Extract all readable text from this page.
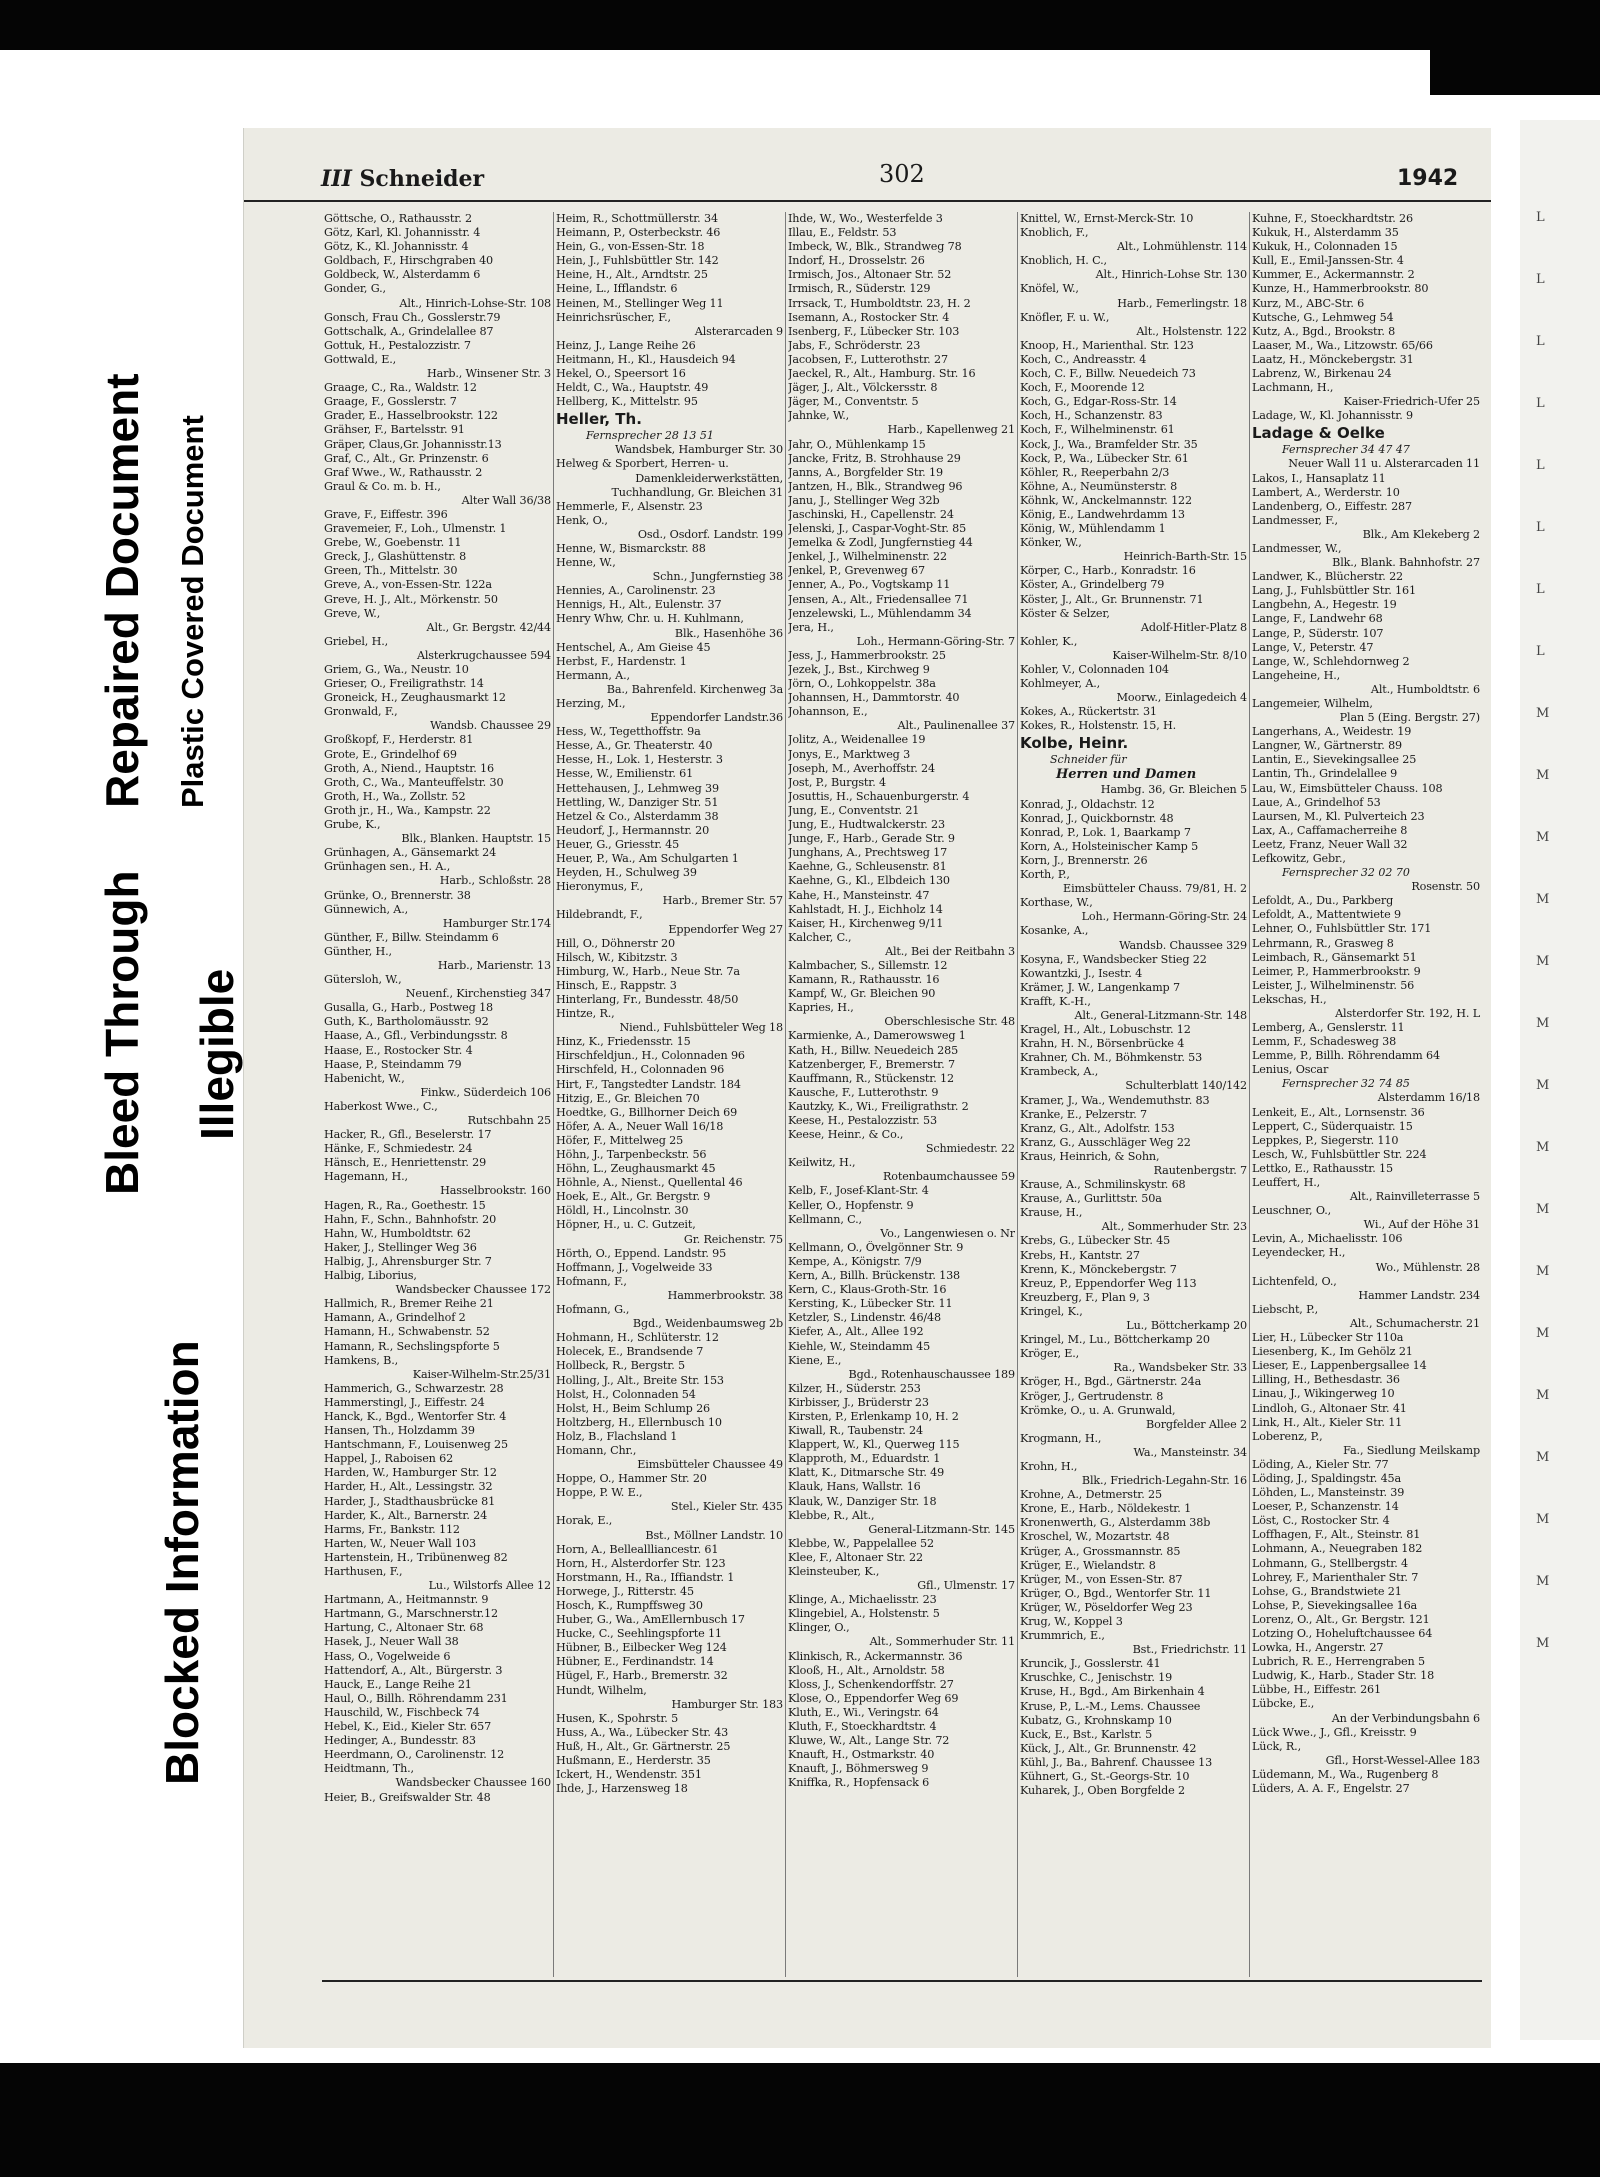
Bleed Through
Repaired Document Plastic Covered Document
Illegible
Blocked Information
L
L
L
L
L
L
L
L
M
M
M
M
M
M
M
M
M
M
M
M
M
M
M
M
III Schneider	302	1942
Göttsche, O., Rathausstr. 2
Götz, Karl, Kl. Johannisstr. 4
Götz, K., Kl. Johannisstr. 4
Goldbach, F., Hirschgraben 40
Goldbeck, W., Alsterdamm 6
Gonder, G.,
Alt., Hinrich-Lohse-Str. 108
Gonsch, Frau Ch., Gosslerstr.79
Gottschalk, A., Grindelallee 87
Gottuk, H., Pestalozzistr. 7
Gottwald, E.,
Harb., Winsener Str. 3
Graage, C., Ra., Waldstr. 12
Graage, F., Gosslerstr. 7
Grader, E., Hasselbrookstr. 122
Grähser, F., Bartelsstr. 91
Gräper, Claus,Gr. Johannisstr.13
Graf, C., Alt., Gr. Prinzenstr. 6
Graf Wwe., W., Rathausstr. 2
Graul & Co. m. b. H.,
Alter Wall 36/38
Grave, F., Eiffestr. 396
Gravemeier, F., Loh., Ulmenstr. 1
Grebe, W., Goebenstr. 11
Greck, J., Glashüttenstr. 8
Green, Th., Mittelstr. 30
Greve, A., von-Essen-Str. 122a
Greve, H. J., Alt., Mörkenstr. 50
Greve, W.,
Alt., Gr. Bergstr. 42/44
Griebel, H.,
Alsterkrugchaussee 594
Griem, G., Wa., Neustr. 10
Grieser, O., Freiligrathstr. 14
Groneick, H., Zeughausmarkt 12
Gronwald, F.,
Wandsb. Chaussee 29
Großkopf, F., Herderstr. 81
Grote, E., Grindelhof 69
Groth, A., Niend., Hauptstr. 16
Groth, C., Wa., Manteuffelstr. 30
Groth, H., Wa., Zollstr. 52
Groth jr., H., Wa., Kampstr. 22
Grube, K.,
Blk., Blanken. Hauptstr. 15
Grünhagen, A., Gänsemarkt 24
Grünhagen sen., H. A.,
Harb., Schloßstr. 28
Grünke, O., Brennerstr. 38
Günnewich, A.,
Hamburger Str.174
Günther, F., Billw. Steindamm 6
Günther, H.,
Harb., Marienstr. 13
Gütersloh, W.,
Neuenf., Kirchenstieg 347
Gusalla, G., Harb., Postweg 18
Guth, K., Bartholomäusstr. 92
Haase, A., Gfl., Verbindungsstr. 8
Haase, E., Rostocker Str. 4
Haase, P., Steindamm 79
Habenicht, W.,
Finkw., Süderdeich 106
Haberkost Wwe., C.,
Rutschbahn 25
Hacker, R., Gfl., Beselerstr. 17
Hänke, F., Schmiedestr. 24
Hänsch, E., Henriettenstr. 29
Hagemann, H.,
Hasselbrookstr. 160
Hagen, R., Ra., Goethestr. 15
Hahn, F., Schn., Bahnhofstr. 20
Hahn, W., Humboldtstr. 62
Haker, J., Stellinger Weg 36
Halbig, J., Ahrensburger Str. 7
Halbig, Liborius,
Wandsbecker Chaussee 172
Hallmich, R., Bremer Reihe 21
Hamann, A., Grindelhof 2
Hamann, H., Schwabenstr. 52
Hamann, R., Sechslingspforte 5
Hamkens, B.,
Kaiser-Wilhelm-Str.25/31
Hammerich, G., Schwarzestr. 28
Hammerstingl, J., Eiffestr. 24
Hanck, K., Bgd., Wentorfer Str. 4
Hansen, Th., Holzdamm 39
Hantschmann, F., Louisenweg 25
Happel, J., Raboisen 62
Harden, W., Hamburger Str. 12
Harder, H., Alt., Lessingstr. 32
Harder, J., Stadthausbrücke 81
Harder, K., Alt., Barnerstr. 24
Harms, Fr., Bankstr. 112
Harten, W., Neuer Wall 103
Hartenstein, H., Tribünenweg 82
Harthusen, F.,
Lu., Wilstorfs Allee 12
Hartmann, A., Heitmannstr. 9
Hartmann, G., Marschnerstr.12
Hartung, C., Altonaer Str. 68
Hasek, J., Neuer Wall 38
Hass, O., Vogelweide 6
Hattendorf, A., Alt., Bürgerstr. 3
Hauck, E., Lange Reihe 21
Haul, O., Billh. Röhrendamm 231
Hauschild, W., Fischbeck 74
Hebel, K., Eid., Kieler Str. 657
Hedinger, A., Bundesstr. 83
Heerdmann, O., Carolinenstr. 12
Heidtmann, Th.,
Wandsbecker Chaussee 160
Heier, B., Greifswalder Str. 48
Heim, R., Schottmüllerstr. 34
Heimann, P., Osterbeckstr. 46
Hein, G., von-Essen-Str. 18
Hein, J., Fuhlsbüttler Str. 142
Heine, H., Alt., Arndtstr. 25
Heine, L., Ifflandstr. 6
Heinen, M., Stellinger Weg 11
Heinrichsrüscher, F.,
Alsterarcaden 9
Heinz, J., Lange Reihe 26
Heitmann, H., Kl., Hausdeich 94
Hekel, O., Speersort 16
Heldt, C., Wa., Hauptstr. 49
Hellberg, K., Mittelstr. 95
Heller, Th.
Fernsprecher 28 13 51
Wandsbek, Hamburger Str. 30
Helweg & Sporbert, Herren- u.
Damenkleiderwerkstätten,
Tuchhandlung, Gr. Bleichen 31
Hemmerle, F., Alsenstr. 23
Henk, O.,
Osd., Osdorf. Landstr. 199
Henne, W., Bismarckstr. 88
Henne, W.,
Schn., Jungfernstieg 38
Hennies, A., Carolinenstr. 23
Hennigs, H., Alt., Eulenstr. 37
Henry Whw, Chr. u. H. Kuhlmann,
Blk., Hasenhöhe 36
Hentschel, A., Am Gieise 45
Herbst, F., Hardenstr. 1
Hermann, A.,
Ba., Bahrenfeld. Kirchenweg 3a
Herzing, M.,
Eppendorfer Landstr.36
Hess, W., Tegetthoffstr. 9a
Hesse, A., Gr. Theaterstr. 40
Hesse, H., Lok. 1, Hesterstr. 3
Hesse, W., Emilienstr. 61
Hettehausen, J., Lehmweg 39
Hettling, W., Danziger Str. 51
Hetzel & Co., Alsterdamm 38
Heudorf, J., Hermannstr. 20
Heuer, G., Griesstr. 45
Heuer, P., Wa., Am Schulgarten 1
Heyden, H., Schulweg 39
Hieronymus, F.,
Harb., Bremer Str. 57
Hildebrandt, F.,
Eppendorfer Weg 27
Hill, O., Döhnerstr 20
Hilsch, W., Kibitzstr. 3
Himburg, W., Harb., Neue Str. 7a
Hinsch, E., Rappstr. 3
Hinterlang, Fr., Bundesstr. 48/50
Hintze, R.,
Niend., Fuhlsbütteler Weg 18
Hinz, K., Friedensstr. 15
Hirschfeldjun., H., Colonnaden 96
Hirschfeld, H., Colonnaden 96
Hirt, F., Tangstedter Landstr. 184
Hitzig, E., Gr. Bleichen 70
Hoedtke, G., Billhorner Deich 69
Höfer, A. A., Neuer Wall 16/18
Höfer, F., Mittelweg 25
Höhn, J., Tarpenbeckstr. 56
Höhn, L., Zeughausmarkt 45
Höhnle, A., Nienst., Quellental 46
Hoek, E., Alt., Gr. Bergstr. 9
Höldl, H., Lincolnstr. 30
Höpner, H., u. C. Gutzeit,
Gr. Reichenstr. 75
Hörth, O., Eppend. Landstr. 95
Hoffmann, J., Vogelweide 33
Hofmann, F.,
Hammerbrookstr. 38
Hofmann, G.,
Bgd., Weidenbaumsweg 2b
Hohmann, H., Schlüterstr. 12
Holecek, E., Brandsende 7
Hollbeck, R., Bergstr. 5
Holling, J., Alt., Breite Str. 153
Holst, H., Colonnaden 54
Holst, H., Beim Schlump 26
Holtzberg, H., Ellernbusch 10
Holz, B., Flachsland 1
Homann, Chr.,
Eimsbütteler Chaussee 49
Hoppe, O., Hammer Str. 20
Hoppe, P. W. E.,
Stel., Kieler Str. 435
Horak, E.,
Bst., Möllner Landstr. 10
Horn, A., Belleallliancestr. 61
Horn, H., Alsterdorfer Str. 123
Horstmann, H., Ra., Iffiandstr. 1
Horwege, J., Ritterstr. 45
Hosch, K., Rumpffsweg 30
Huber, G., Wa., AmEllernbusch 17
Hucke, C., Seehlingspforte 11
Hübner, B., Eilbecker Weg 124
Hübner, E., Ferdinandstr. 14
Hügel, F., Harb., Bremerstr. 32
Hundt, Wilhelm,
Hamburger Str. 183
Husen, K., Spohrstr. 5
Huss, A., Wa., Lübecker Str. 43
Huß, H., Alt., Gr. Gärtnerstr. 25
Hußmann, E., Herderstr. 35
Ickert, H., Wendenstr. 351
Ihde, J., Harzensweg 18
Ihde, W., Wo., Westerfelde 3
Illau, E., Feldstr. 53
Imbeck, W., Blk., Strandweg 78
Indorf, H., Drosselstr. 26
Irmisch, Jos., Altonaer Str. 52
Irmisch, R., Süderstr. 129
Irrsack, T., Humboldtstr. 23, H. 2
Isemann, A., Rostocker Str. 4
Isenberg, F., Lübecker Str. 103
Jabs, F., Schröderstr. 23
Jacobsen, F., Lutterothstr. 27
Jaeckel, R., Alt., Hamburg. Str. 16
Jäger, J., Alt., Völckersstr. 8
Jäger, M., Conventstr. 5
Jahnke, W.,
Harb., Kapellenweg 21
Jahr, O., Mühlenkamp 15
Jancke, Fritz, B. Strohhause 29
Janns, A., Borgfelder Str. 19
Jantzen, H., Blk., Strandweg 96
Janu, J., Stellinger Weg 32b
Jaschinski, H., Capellenstr. 24
Jelenski, J., Caspar-Voght-Str. 85
Jemelka & Zodl, Jungfernstieg 44
Jenkel, J., Wilhelminenstr. 22
Jenkel, P., Grevenweg 67
Jenner, A., Po., Vogtskamp 11
Jensen, A., Alt., Friedensallee 71
Jenzelewski, L., Mühlendamm 34
Jera, H.,
Loh., Hermann-Göring-Str. 7
Jess, J., Hammerbrookstr. 25
Jezek, J., Bst., Kirchweg 9
Jörn, O., Lohkoppelstr. 38a
Johannsen, H., Dammtorstr. 40
Johannson, E.,
Alt., Paulinenallee 37
Jolitz, A., Weidenallee 19
Jonys, E., Marktweg 3
Joseph, M., Averhoffstr. 24
Jost, P., Burgstr. 4
Josuttis, H., Schauenburgerstr. 4
Jung, E., Conventstr. 21
Jung, E., Hudtwalckerstr. 23
Junge, F., Harb., Gerade Str. 9
Junghans, A., Prechtsweg 17
Kaehne, G., Schleusenstr. 81
Kaehne, G., Kl., Elbdeich 130
Kahe, H., Mansteinstr. 47
Kahlstadt, H. J., Eichholz 14
Kaiser, H., Kirchenweg 9/11
Kalcher, C.,
Alt., Bei der Reitbahn 3
Kalmbacher, S., Sillemstr. 12
Kamann, R., Rathausstr. 16
Kampf, W., Gr. Bleichen 90
Kapries, H.,
Oberschlesische Str. 48
Karmienke, A., Damerowsweg 1
Kath, H., Billw. Neuedeich 285
Katzenberger, F., Bremerstr. 7
Kauffmann, R., Stückenstr. 12
Kausche, F., Lutterothstr. 9
Kautzky, K., Wi., Freiligrathstr. 2
Keese, H., Pestalozzistr. 53
Keese, Heinr., & Co.,
Schmiedestr. 22
Keilwitz, H.,
Rotenbaumchaussee 59
Kelb, F., Josef-Klant-Str. 4
Keller, O., Hopfenstr. 9
Kellmann, C.,
Vo., Langenwiesen o. Nr
Kellmann, O., Övelgönner Str. 9
Kempe, A., Königstr. 7/9
Kern, A., Billh. Brückenstr. 138
Kern, C., Klaus-Groth-Str. 16
Kersting, K., Lübecker Str. 11
Ketzler, S., Lindenstr. 46/48
Kiefer, A., Alt., Allee 192
Kiehle, W., Steindamm 45
Kiene, E.,
Bgd., Rotenhauschaussee 189
Kilzer, H., Süderstr. 253
Kirbisser, J., Brüderstr 23
Kirsten, P., Erlenkamp 10, H. 2
Kiwall, R., Taubenstr. 24
Klappert, W., Kl., Querweg 115
Klapproth, M., Eduardstr. 1
Klatt, K., Ditmarsche Str. 49
Klauk, Hans, Wallstr. 16
Klauk, W., Danziger Str. 18
Klebbe, R., Alt.,
General-Litzmann-Str. 145
Klebbe, W., Pappelallee 52
Klee, F., Altonaer Str. 22
Kleinsteuber, K.,
Gfl., Ulmenstr. 17
Klinge, A., Michaelisstr. 23
Klingebiel, A., Holstenstr. 5
Klinger, O.,
Alt., Sommerhuder Str. 11
Klinkisch, R., Ackermannstr. 36
Klooß, H., Alt., Arnoldstr. 58
Kloss, J., Schenkendorffstr. 27
Klose, O., Eppendorfer Weg 69
Kluth, E., Wi., Veringstr. 64
Kluth, F., Stoeckhardtstr. 4
Kluwe, W., Alt., Lange Str. 72
Knauft, H., Ostmarkstr. 40
Knauft, J., Böhmersweg 9
Kniffka, R., Hopfensack 6
Knittel, W., Ernst-Merck-Str. 10
Knoblich, F.,
Alt., Lohmühlenstr. 114
Knoblich, H. C.,
Alt., Hinrich-Lohse Str. 130
Knöfel, W.,
Harb., Femerlingstr. 18
Knöfler, F. u. W.,
Alt., Holstenstr. 122
Knoop, H., Marienthal. Str. 123
Koch, C., Andreasstr. 4
Koch, C. F., Billw. Neuedeich 73
Koch, F., Moorende 12
Koch, G., Edgar-Ross-Str. 14
Koch, H., Schanzenstr. 83
Koch, F., Wilhelminenstr. 61
Kock, J., Wa., Bramfelder Str. 35
Kock, P., Wa., Lübecker Str. 61
Köhler, R., Reeperbahn 2/3
Köhne, A., Neumünsterstr. 8
Köhnk, W., Anckelmannstr. 122
König, E., Landwehrdamm 13
König, W., Mühlendamm 1
Könker, W.,
Heinrich-Barth-Str. 15
Körper, C., Harb., Konradstr. 16
Köster, A., Grindelberg 79
Köster, J., Alt., Gr. Brunnenstr. 71
Köster & Selzer,
Adolf-Hitler-Platz 8
Kohler, K.,
Kaiser-Wilhelm-Str. 8/10
Kohler, V., Colonnaden 104
Kohlmeyer, A.,
Moorw., Einlagedeich 4
Kokes, A., Rückertstr. 31
Kokes, R., Holstenstr. 15, H.
Kolbe, Heinr.
Schneider für
Herren und Damen
Hambg. 36, Gr. Bleichen 5
Konrad, J., Oldachstr. 12
Konrad, J., Quickbornstr. 48
Konrad, P., Lok. 1, Baarkamp 7
Korn, A., Holsteinischer Kamp 5
Korn, J., Brennerstr. 26
Korth, P.,
Eimsbütteler Chauss. 79/81, H. 2
Korthase, W.,
Loh., Hermann-Göring-Str. 24
Kosanke, A.,
Wandsb. Chaussee 329
Kosyna, F., Wandsbecker Stieg 22
Kowantzki, J., Isestr. 4
Krämer, J. W., Langenkamp 7
Krafft, K.-H.,
Alt., General-Litzmann-Str. 148
Kragel, H., Alt., Lobuschstr. 12
Krahn, H. N., Börsenbrücke 4
Krahner, Ch. M., Böhmkenstr. 53
Krambeck, A.,
Schulterblatt 140/142
Kramer, J., Wa., Wendemuthstr. 83
Kranke, E., Pelzerstr. 7
Kranz, G., Alt., Adolfstr. 153
Kranz, G., Ausschläger Weg 22
Kraus, Heinrich, & Sohn,
Rautenbergstr. 7
Krause, A., Schmilinskystr. 68
Krause, A., Gurlittstr. 50a
Krause, H.,
Alt., Sommerhuder Str. 23
Krebs, G., Lübecker Str. 45
Krebs, H., Kantstr. 27
Krenn, K., Mönckebergstr. 7
Kreuz, P., Eppendorfer Weg 113
Kreuzberg, F., Plan 9, 3
Kringel, K.,
Lu., Böttcherkamp 20
Kringel, M., Lu., Böttcherkamp 20
Kröger, E.,
Ra., Wandsbeker Str. 33
Kröger, H., Bgd., Gärtnerstr. 24a
Kröger, J., Gertrudenstr. 8
Krömke, O., u. A. Grunwald,
Borgfelder Allee 2
Krogmann, H.,
Wa., Mansteinstr. 34
Krohn, H.,
Blk., Friedrich-Legahn-Str. 16
Krohne, A., Detmerstr. 25
Krone, E., Harb., Nöldekestr. 1
Kronenwerth, G., Alsterdamm 38b
Kroschel, W., Mozartstr. 48
Krüger, A., Grossmannstr. 85
Krüger, E., Wielandstr. 8
Krüger, M., von Essen-Str. 87
Krüger, O., Bgd., Wentorfer Str. 11
Krüger, W., Pöseldorfer Weg 23
Krug, W., Koppel 3
Krummrich, E.,
Bst., Friedrichstr. 11
Kruncik, J., Gosslerstr. 41
Kruschke, C., Jenischstr. 19
Kruse, H., Bgd., Am Birkenhain 4
Kruse, P., L.-M., Lems. Chaussee
Kubatz, G., Krohnskamp 10
Kuck, E., Bst., Karlstr. 5
Kück, J., Alt., Gr. Brunnenstr. 42
Kühl, J., Ba., Bahrenf. Chaussee 13
Kühnert, G., St.-Georgs-Str. 10
Kuharek, J., Oben Borgfelde 2
Kuhne, F., Stoeckhardtstr. 26
Kukuk, H., Alsterdamm 35
Kukuk, H., Colonnaden 15
Kull, E., Emil-Janssen-Str. 4
Kummer, E., Ackermannstr. 2
Kunze, H., Hammerbrookstr. 80
Kurz, M., ABC-Str. 6
Kutsche, G., Lehmweg 54
Kutz, A., Bgd., Brookstr. 8
Laaser, M., Wa., Litzowstr. 65/66
Laatz, H., Mönckebergstr. 31
Labrenz, W., Birkenau 24
Lachmann, H.,
Kaiser-Friedrich-Ufer 25
Ladage, W., Kl. Johannisstr. 9
Ladage & Oelke
Fernsprecher 34 47 47
Neuer Wall 11 u. Alsterarcaden 11
Lakos, I., Hansaplatz 11
Lambert, A., Werderstr. 10
Landenberg, O., Eiffestr. 287
Landmesser, F.,
Blk., Am Klekeberg 2
Landmesser, W.,
Blk., Blank. Bahnhofstr. 27
Landwer, K., Blücherstr. 22
Lang, J., Fuhlsbüttler Str. 161
Langbehn, A., Hegestr. 19
Lange, F., Landwehr 68
Lange, P., Süderstr. 107
Lange, V., Peterstr. 47
Lange, W., Schlehdornweg 2
Langeheine, H.,
Alt., Humboldtstr. 6
Langemeier, Wilhelm,
Plan 5 (Eing. Bergstr. 27)
Langerhans, A., Weidestr. 19
Langner, W., Gärtnerstr. 89
Lantin, E., Sievekingsallee 25
Lantin, Th., Grindelallee 9
Lau, W., Eimsbütteler Chauss. 108
Laue, A., Grindelhof 53
Laursen, M., Kl. Pulverteich 23
Lax, A., Caffamacherreihe 8
Leetz, Franz, Neuer Wall 32
Lefkowitz, Gebr.,
Fernsprecher 32 02 70
Rosenstr. 50
Lefoldt, A., Du., Parkberg
Lefoldt, A., Mattentwiete 9
Lehner, O., Fuhlsbüttler Str. 171
Lehrmann, R., Grasweg 8
Leimbach, R., Gänsemarkt 51
Leimer, P., Hammerbrookstr. 9
Leister, J., Wilhelminenstr. 56
Lekschas, H.,
Alsterdorfer Str. 192, H. L
Lemberg, A., Genslerstr. 11
Lemm, F., Schadesweg 38
Lemme, P., Billh. Röhrendamm 64
Lenius, Oscar
Fernsprecher 32 74 85
Alsterdamm 16/18
Lenkeit, E., Alt., Lornsenstr. 36
Leppert, C., Süderquaistr. 15
Leppkes, P., Siegerstr. 110
Lesch, W., Fuhlsbüttler Str. 224
Lettko, E., Rathausstr. 15
Leuffert, H.,
Alt., Rainvilleterrasse 5
Leuschner, O.,
Wi., Auf der Höhe 31
Levin, A., Michaelisstr. 106
Leyendecker, H.,
Wo., Mühlenstr. 28
Lichtenfeld, O.,
Hammer Landstr. 234
Liebscht, P.,
Alt., Schumacherstr. 21
Lier, H., Lübecker Str 110a
Liesenberg, K., Im Gehölz 21
Lieser, E., Lappenbergsallee 14
Lilling, H., Bethesdastr. 36
Linau, J., Wikingerweg 10
Lindloh, G., Altonaer Str. 41
Link, H., Alt., Kieler Str. 11
Loberenz, P.,
Fa., Siedlung Meilskamp
Löding, A., Kieler Str. 77
Löding, J., Spaldingstr. 45a
Löhden, L., Mansteinstr. 39
Loeser, P., Schanzenstr. 14
Löst, C., Rostocker Str. 4
Loffhagen, F., Alt., Steinstr. 81
Lohmann, A., Neuegraben 182
Lohmann, G., Stellbergstr. 4
Lohrey, F., Marienthaler Str. 7
Lohse, G., Brandstwiete 21
Lohse, P., Sievekingsallee 16a
Lorenz, O., Alt., Gr. Bergstr. 121
Lotzing O., Hoheluftchaussee 64
Lowka, H., Angerstr. 27
Lubrich, R. E., Herrengraben 5
Ludwig, K., Harb., Stader Str. 18
Lübbe, H., Eiffestr. 261
Lübcke, E.,
An der Verbindungsbahn 6
Lück Wwe., J., Gfl., Kreisstr. 9
Lück, R.,
Gfl., Horst-Wessel-Allee 183
Lüdemann, M., Wa., Rugenberg 8
Lüders, A. A. F., Engelstr. 27
